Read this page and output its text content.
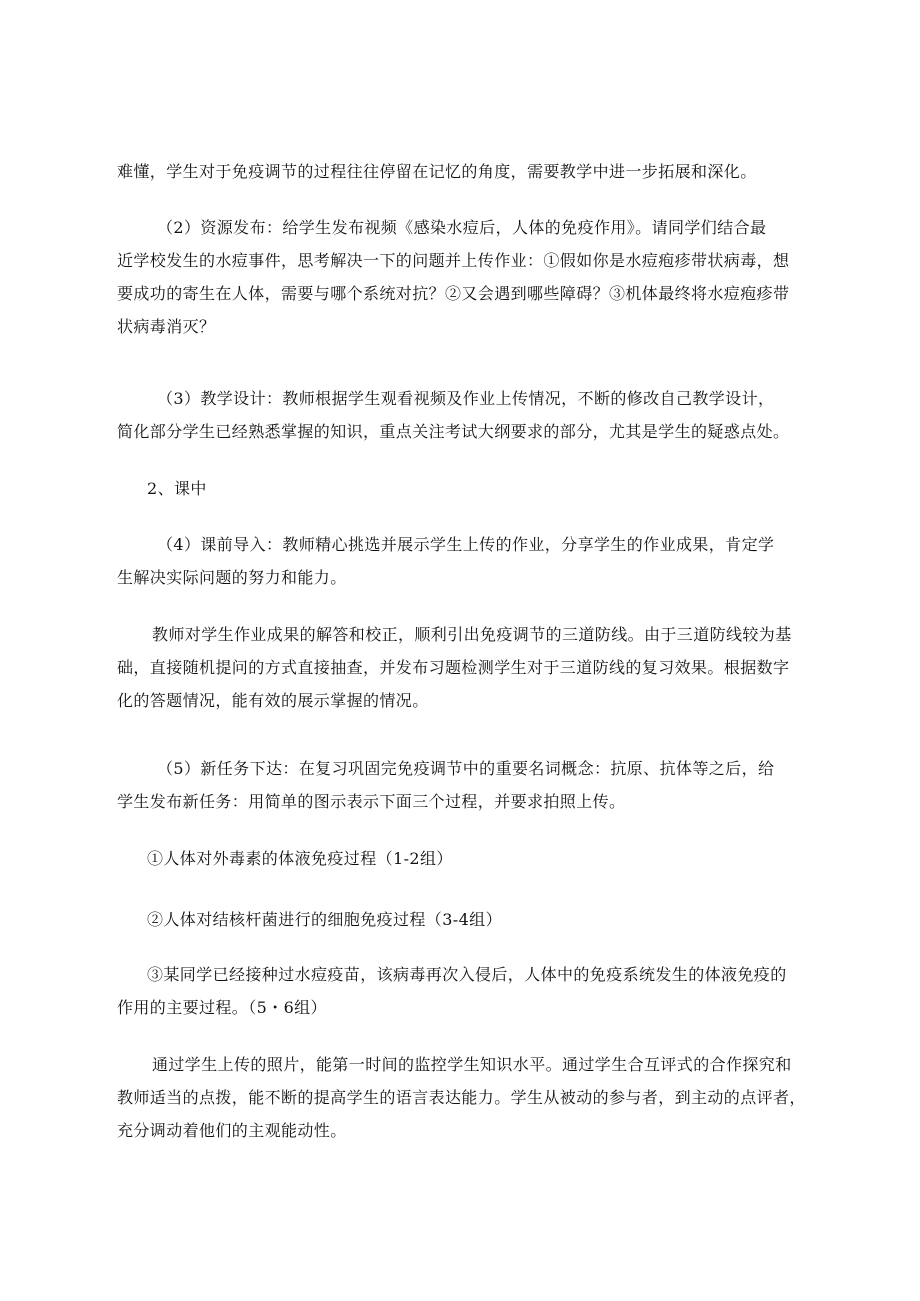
难懂，学生对于免疫调节的过程往往停留在记忆的角度，需要教学中进一步拓展和深化。

（2）资源发布：给学生发布视频《感染水痘后，人体的免疫作用》。请同学们结合最
近学校发生的水痘事件，思考解决一下的问题并上传作业：①假如你是水痘疱疹带状病毒，想
要成功的寄生在人体，需要与哪个系统对抗？②又会遇到哪些障碍？③机体最终将水痘疱疹带
状病毒消灭？

（3）教学设计：教师根据学生观看视频及作业上传情况，不断的修改自己教学设计，
简化部分学生已经熟悉掌握的知识，重点关注考试大纲要求的部分，尤其是学生的疑惑点处。

2、课中

（4）课前导入：教师精心挑选并展示学生上传的作业，分享学生的作业成果，肯定学
生解决实际问题的努力和能力。

教师对学生作业成果的解答和校正，顺利引出免疫调节的三道防线。由于三道防线较为基
础，直接随机提问的方式直接抽查，并发布习题检测学生对于三道防线的复习效果。根据数字
化的答题情况，能有效的展示掌握的情况。

（5）新任务下达：在复习巩固完免疫调节中的重要名词概念：抗原、抗体等之后，给
学生发布新任务：用简单的图示表示下面三个过程，并要求拍照上传。

①人体对外毒素的体液免疫过程（1-2组）

②人体对结核杆菌进行的细胞免疫过程（3-4组）

③某同学已经接种过水痘疫苗，该病毒再次入侵后，人体中的免疫系统发生的体液免疫的
作用的主要过程。（5・6组）

通过学生上传的照片，能第一时间的监控学生知识水平。通过学生合互评式的合作探究和
教师适当的点拨，能不断的提高学生的语言表达能力。学生从被动的参与者，到主动的点评者，
充分调动着他们的主观能动性。
